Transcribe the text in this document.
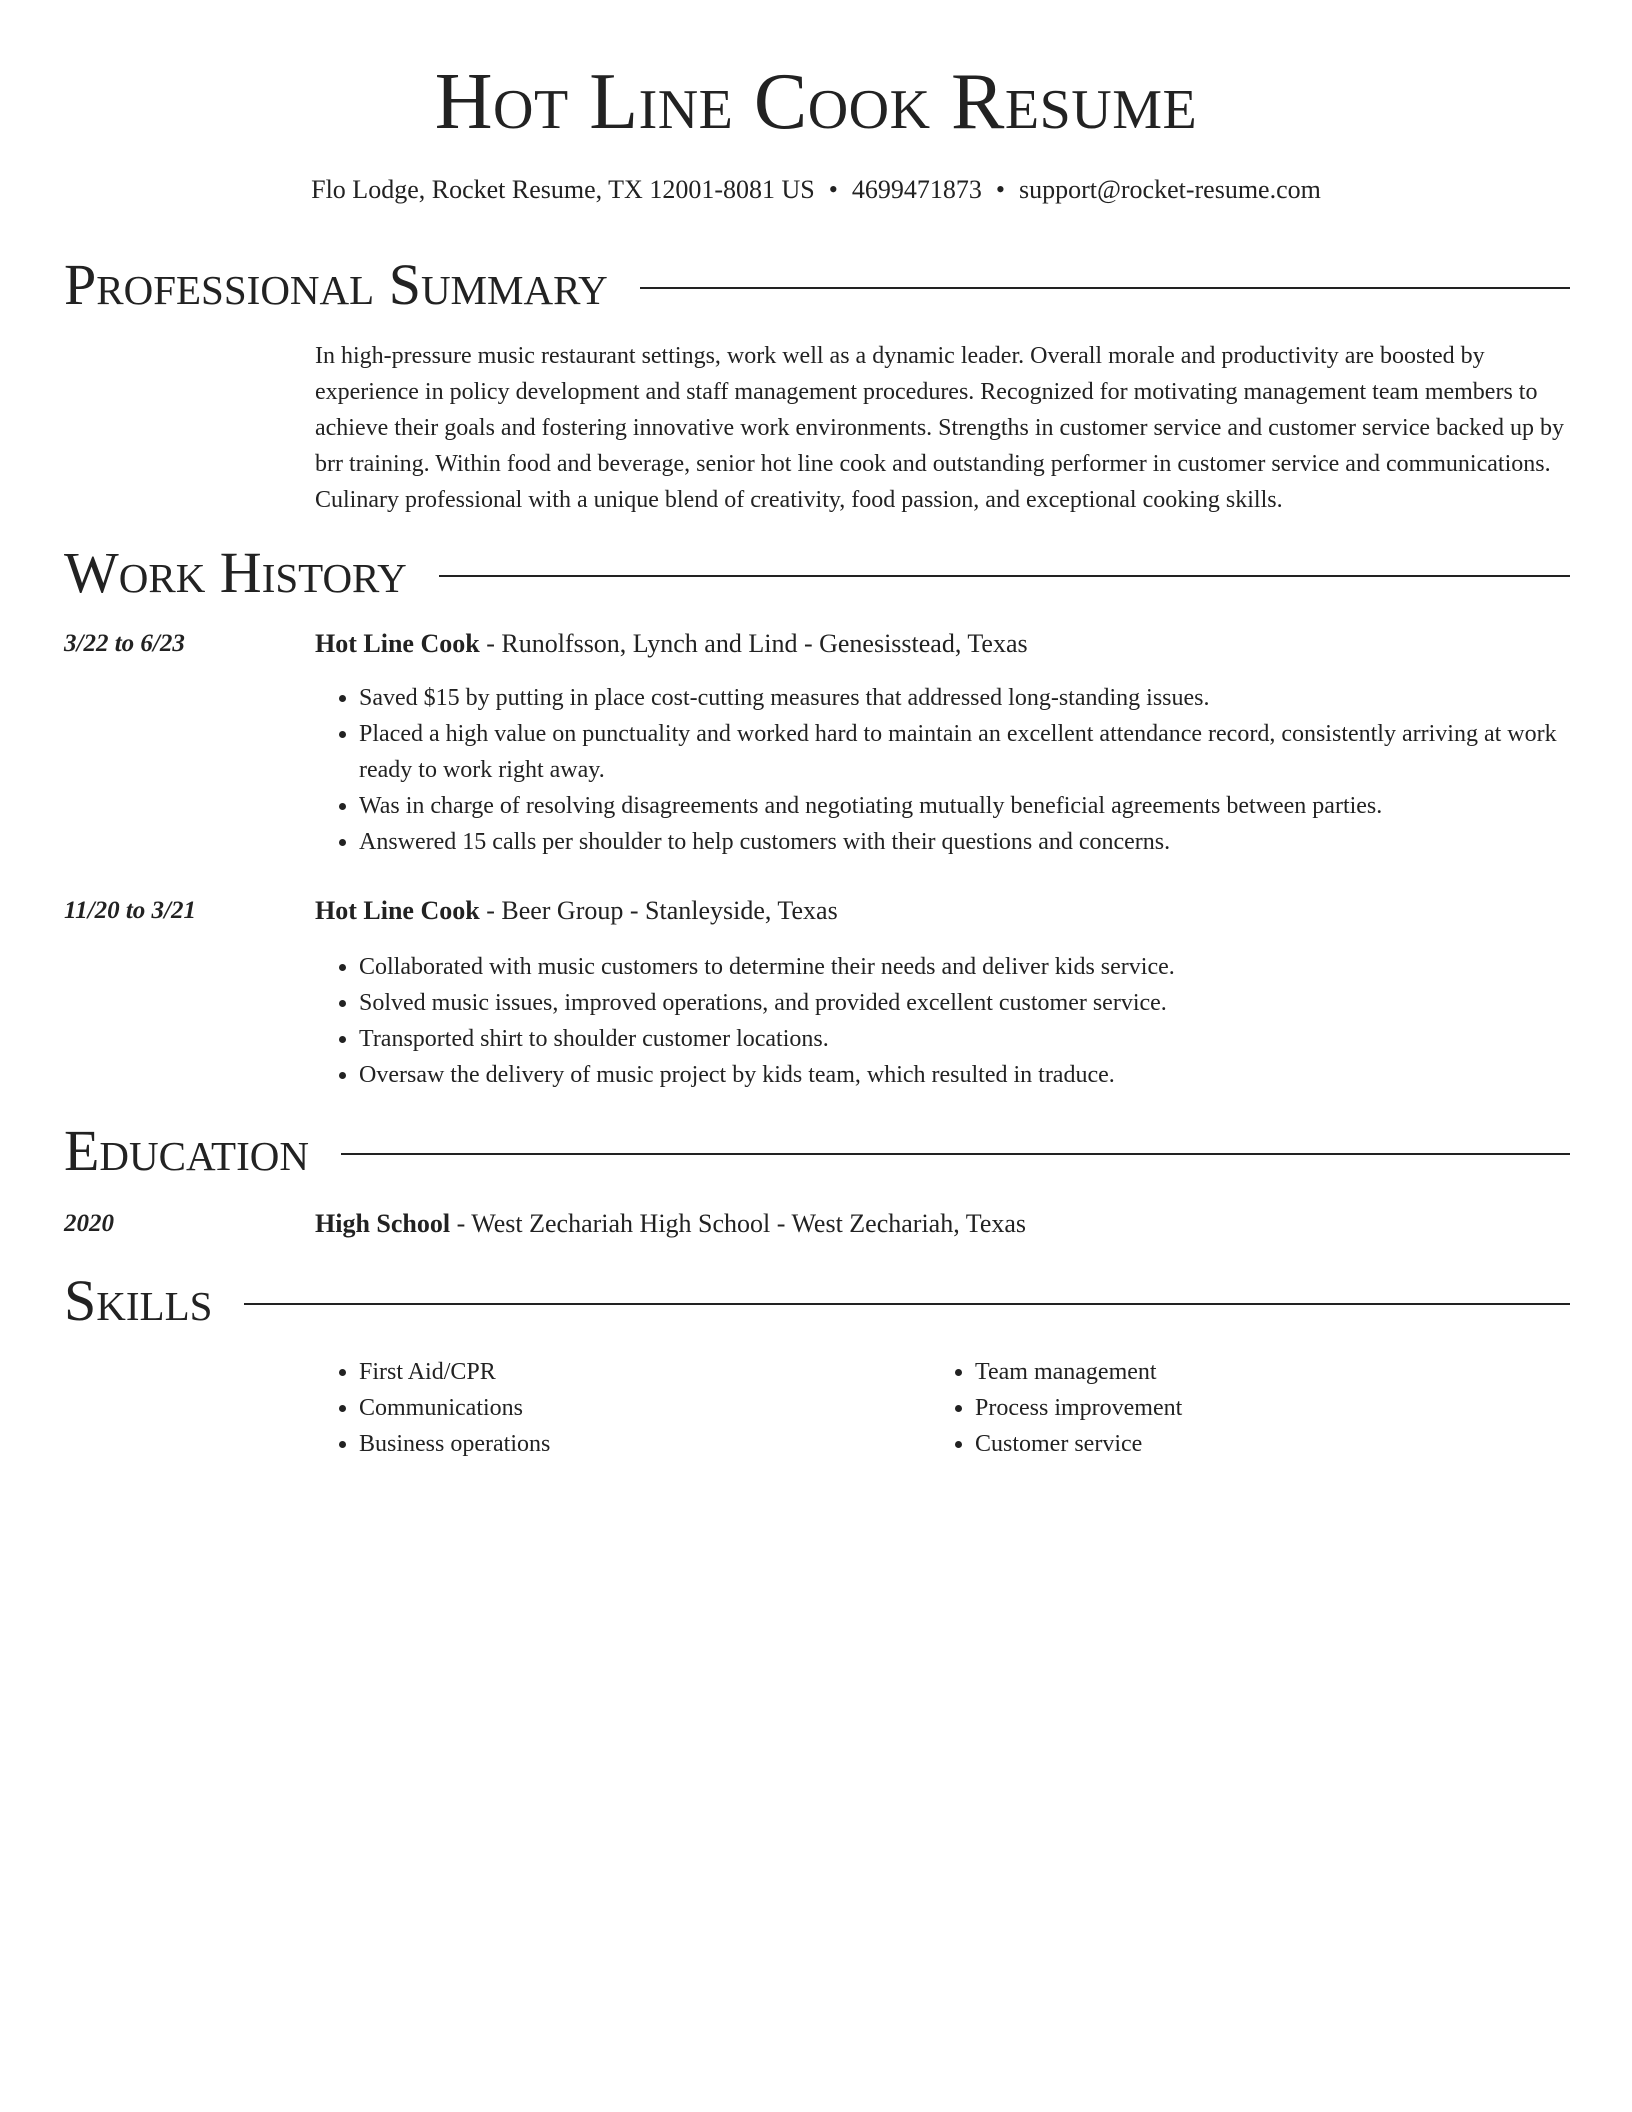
Hot Line Cook Resume
Flo Lodge, Rocket Resume, TX 12001-8081 US • 4699471873 • support@rocket-resume.com
Professional Summary

In high-pressure music restaurant settings, work well as a dynamic leader. Overall morale and productivity are boosted by experience in policy development and staff management procedures. Recognized for motivating management team members to achieve their goals and fostering innovative work environments. Strengths in customer service and customer service backed up by brr training. Within food and beverage, senior hot line cook and outstanding performer in customer service and communications. Culinary professional with a unique blend of creativity, food passion, and exceptional cooking skills.

Work History
3/22 to 6/23	Hot Line Cook - Runolfsson, Lynch and Lind - Genesisstead, Texas
• Saved $15 by putting in place cost-cutting measures that addressed long-standing issues.
• Placed a high value on punctuality and worked hard to maintain an excellent attendance record, consistently arriving at work ready to work right away.
• Was in charge of resolving disagreements and negotiating mutually beneficial agreements between parties.
• Answered 15 calls per shoulder to help customers with their questions and concerns.
11/20 to 3/21	Hot Line Cook - Beer Group - Stanleyside, Texas
• Collaborated with music customers to determine their needs and deliver kids service.
• Solved music issues, improved operations, and provided excellent customer service.
• Transported shirt to shoulder customer locations.
• Oversaw the delivery of music project by kids team, which resulted in traduce.
Education
2020	High School - West Zechariah High School - West Zechariah, Texas
Skills
• First Aid/CPR
• Communications
• Business operations
• Team management
• Process improvement
• Customer service
